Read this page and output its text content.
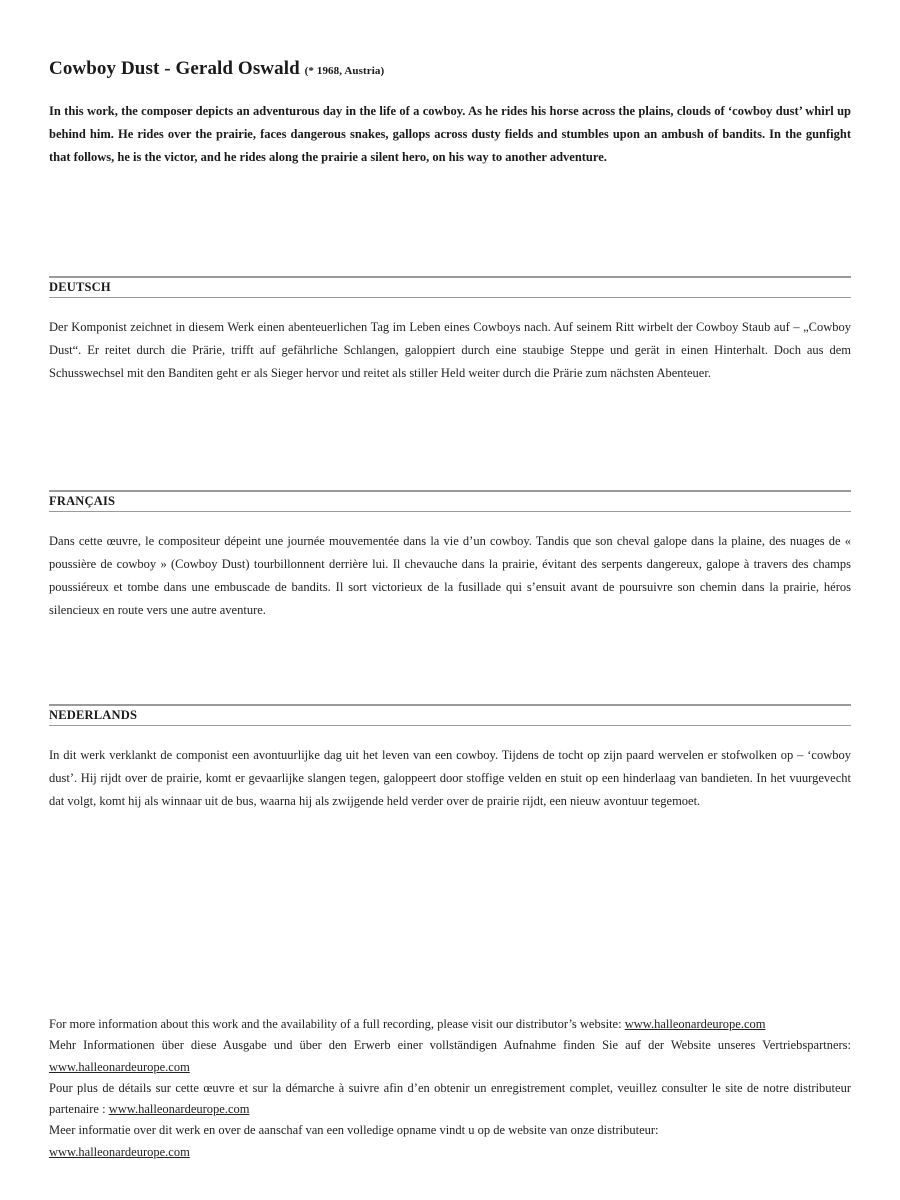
Cowboy Dust - Gerald Oswald (* 1968, Austria)

In this work, the composer depicts an adventurous day in the life of a cowboy. As he rides his horse across the plains, clouds of ‘cowboy dust’ whirl up behind him. He rides over the prairie, faces dangerous snakes, gallops across dusty fields and stumbles upon an ambush of bandits. In the gunfight that follows, he is the victor, and he rides along the prairie a silent hero, on his way to another adventure.

DEUTSCH

Der Komponist zeichnet in diesem Werk einen abenteuerlichen Tag im Leben eines Cowboys nach. Auf seinem Ritt wirbelt der Cowboy Staub auf – „Cowboy Dust“. Er reitet durch die Prärie, trifft auf gefährliche Schlangen, galoppiert durch eine staubige Steppe und gerät in einen Hinterhalt. Doch aus dem Schusswechsel mit den Banditen geht er als Sieger hervor und reitet als stiller Held weiter durch die Prärie zum nächsten Abenteuer.

FRANÇAIS

Dans cette œuvre, le compositeur dépeint une journée mouvementée dans la vie d’un cowboy. Tandis que son cheval galope dans la plaine, des nuages de « poussière de cowboy » (Cowboy Dust) tourbillonnent derrière lui. Il chevauche dans la prairie, évitant des serpents dangereux, galope à travers des champs poussiéreux et tombe dans une embuscade de bandits. Il sort victorieux de la fusillade qui s’ensuit avant de poursuivre son chemin dans la prairie, héros silencieux en route vers une autre aventure.

NEDERLANDS

In dit werk verklankt de componist een avontuurlijke dag uit het leven van een cowboy. Tijdens de tocht op zijn paard wervelen er stofwolken op – ‘cowboy dust’. Hij rijdt over de prairie, komt er gevaarlijke slangen tegen, galoppeert door stoffige velden en stuit op een hinderlaag van bandieten. In het vuurgevecht dat volgt, komt hij als winnaar uit de bus, waarna hij als zwijgende held verder over de prairie rijdt, een nieuw avontuur tegemoet.

For more information about this work and the availability of a full recording, please visit our distributor’s website: www.halleonardeurope.com

Mehr Informationen über diese Ausgabe und über den Erwerb einer vollständigen Aufnahme finden Sie auf der Website unseres Vertriebspartners: www.halleonardeurope.com

Pour plus de détails sur cette œuvre et sur la démarche à suivre afin d’en obtenir un enregistrement complet, veuillez consulter le site de notre distributeur partenaire : www.halleonardeurope.com

Meer informatie over dit werk en over de aanschaf van een volledige opname vindt u op de website van onze distributeur:
www.halleonardeurope.com
